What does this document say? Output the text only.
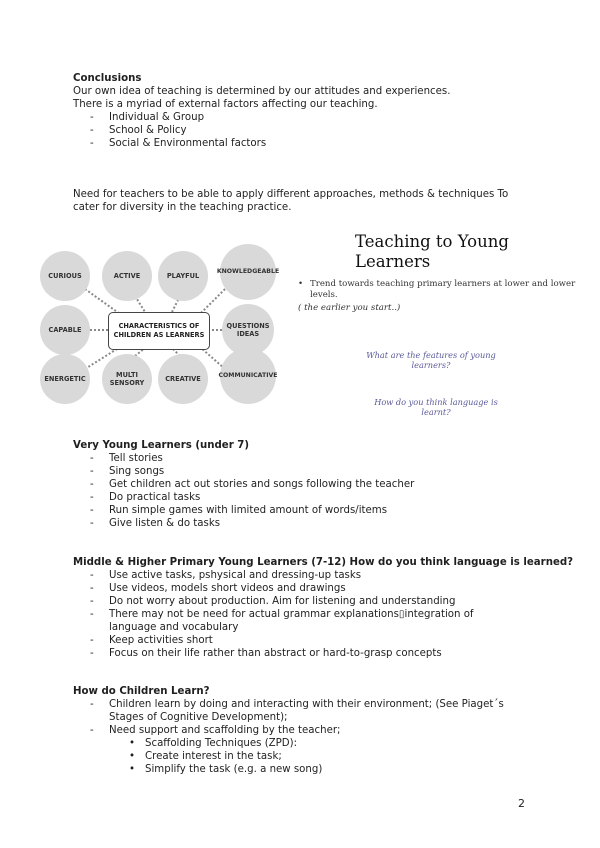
Conclusions
Our own idea of teaching is determined by our attitudes and experiences.
There is a myriad of external factors affecting our teaching.
- Individual & Group
- School & Policy
- Social & Environmental factors
Need for teachers to be able to apply different approaches, methods & techniques To
cater for diversity in the teaching practice.
CURIOUS	ACTIVE	PLAYFUL
KNOWLEDGEABLE
CAPABLE	QUESTIONS IDEAS
CHARACTERISTICS OF CHILDREN AS LEARNERS
ENERGETIC	MULTI SENSORY	CREATIVE	COMMUNICATIVE
Teaching to Young
Learners
• Trend towards teaching primary learners at lower and lower levels.
( the earlier you start..)
What are the features of young learners?
How do you think language is learnt?
Very Young Learners (under 7)
- Tell stories
- Sing songs
- Get children act out stories and songs following the teacher
- Do practical tasks
- Run simple games with limited amount of words/items
- Give listen & do tasks
Middle & Higher Primary Young Learners (7-12) How do you think language is learned?
- Use active tasks, pshysical and dressing-up tasks
- Use videos, models short videos and drawings
- Do not worry about production. Aim for listening and understanding
- There may not be need for actual grammar explanations▯integration of
language and vocabulary
- Keep activities short
- Focus on their life rather than abstract or hard-to-grasp concepts
How do Children Learn?
- Children learn by doing and interacting with their environment; (See Piaget´s
Stages of Cognitive Development);
- Need support and scaffolding by the teacher;
• Scaffolding Techniques (ZPD):
• Create interest in the task;
• Simplify the task (e.g. a new song)
2
